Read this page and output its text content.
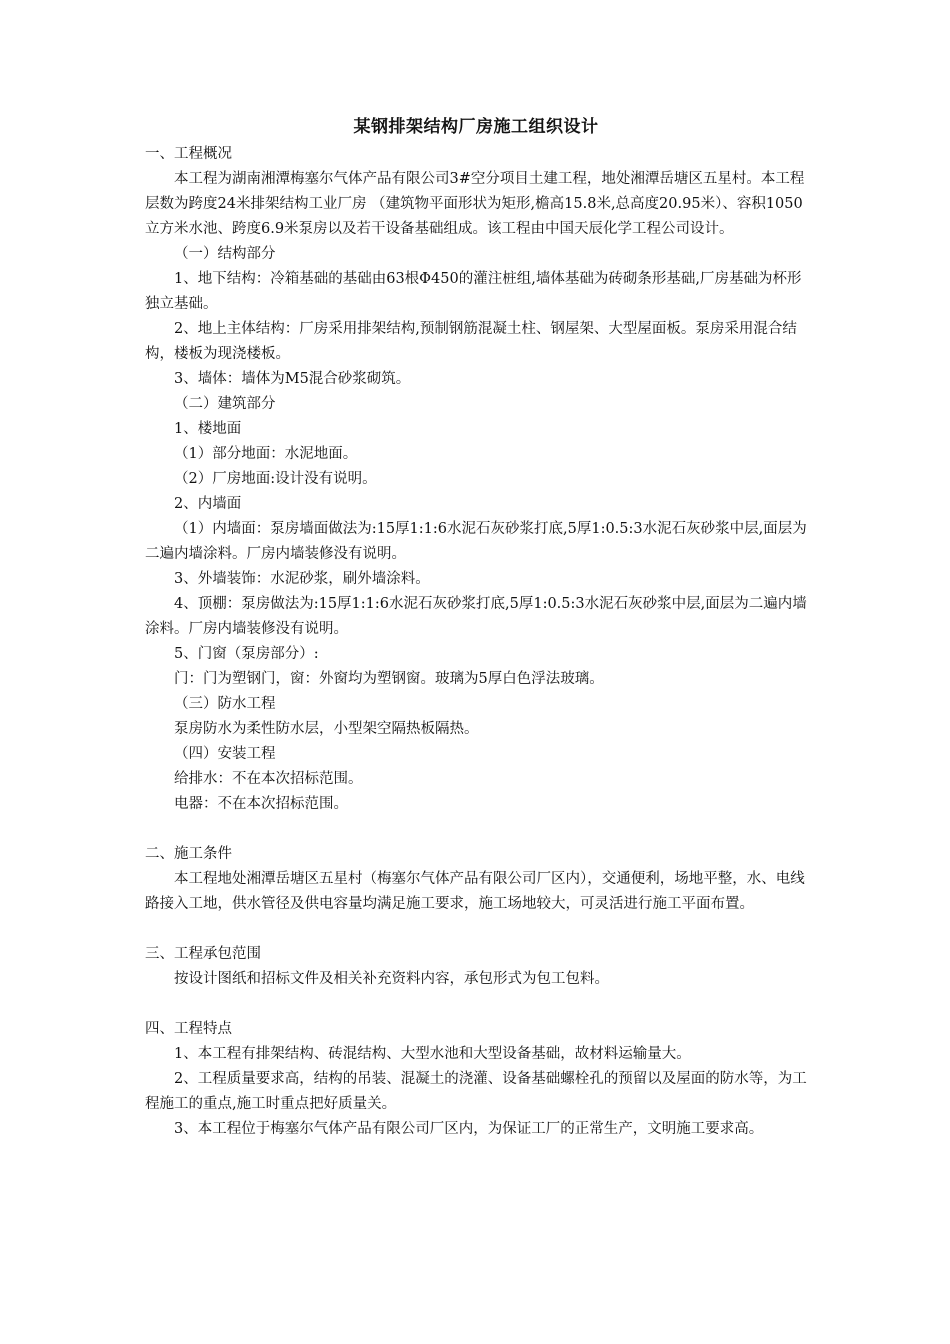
某钢排架结构厂房施工组织设计

一、工程概况

本工程为湖南湘潭梅塞尔气体产品有限公司3#空分项目土建工程，地处湘潭岳塘区五星村。本工程层数为跨度24米排架结构工业厂房 （建筑物平面形状为矩形,檐高15.8米,总高度20.95米）、容积1050立方米水池、跨度6.9米泵房以及若干设备基础组成。该工程由中国天辰化学工程公司设计。

（一）结构部分

1、地下结构：冷箱基础的基础由63根Φ450的灌注桩组,墙体基础为砖砌条形基础,厂房基础为杯形独立基础。

2、地上主体结构：厂房采用排架结构,预制钢筋混凝土柱、钢屋架、大型屋面板。泵房采用混合结构，楼板为现浇楼板。

3、墙体：墙体为M5混合砂浆砌筑。

（二）建筑部分

1、楼地面

（1）部分地面：水泥地面。

（2）厂房地面:设计没有说明。

2、内墙面

（1）内墙面：泵房墙面做法为:15厚1:1:6水泥石灰砂浆打底,5厚1:0.5:3水泥石灰砂浆中层,面层为二遍内墙涂料。厂房内墙装修没有说明。

3、外墙装饰：水泥砂浆，刷外墙涂料。

4、顶棚：泵房做法为:15厚1:1:6水泥石灰砂浆打底,5厚1:0.5:3水泥石灰砂浆中层,面层为二遍内墙涂料。厂房内墙装修没有说明。

5、门窗（泵房部分）:

门：门为塑钢门，窗：外窗均为塑钢窗。玻璃为5厚白色浮法玻璃。

（三）防水工程

泵房防水为柔性防水层，小型架空隔热板隔热。

（四）安装工程

给排水：不在本次招标范围。

电器：不在本次招标范围。

二、施工条件

本工程地处湘潭岳塘区五星村（梅塞尔气体产品有限公司厂区内），交通便利，场地平整，水、电线路接入工地，供水管径及供电容量均满足施工要求，施工场地较大，可灵活进行施工平面布置。

三、工程承包范围

按设计图纸和招标文件及相关补充资料内容，承包形式为包工包料。

四、工程特点

1、本工程有排架结构、砖混结构、大型水池和大型设备基础，故材料运输量大。

2、工程质量要求高，结构的吊装、混凝土的浇灌、设备基础螺栓孔的预留以及屋面的防水等，为工程施工的重点,施工时重点把好质量关。

3、本工程位于梅塞尔气体产品有限公司厂区内，为保证工厂的正常生产，文明施工要求高。
